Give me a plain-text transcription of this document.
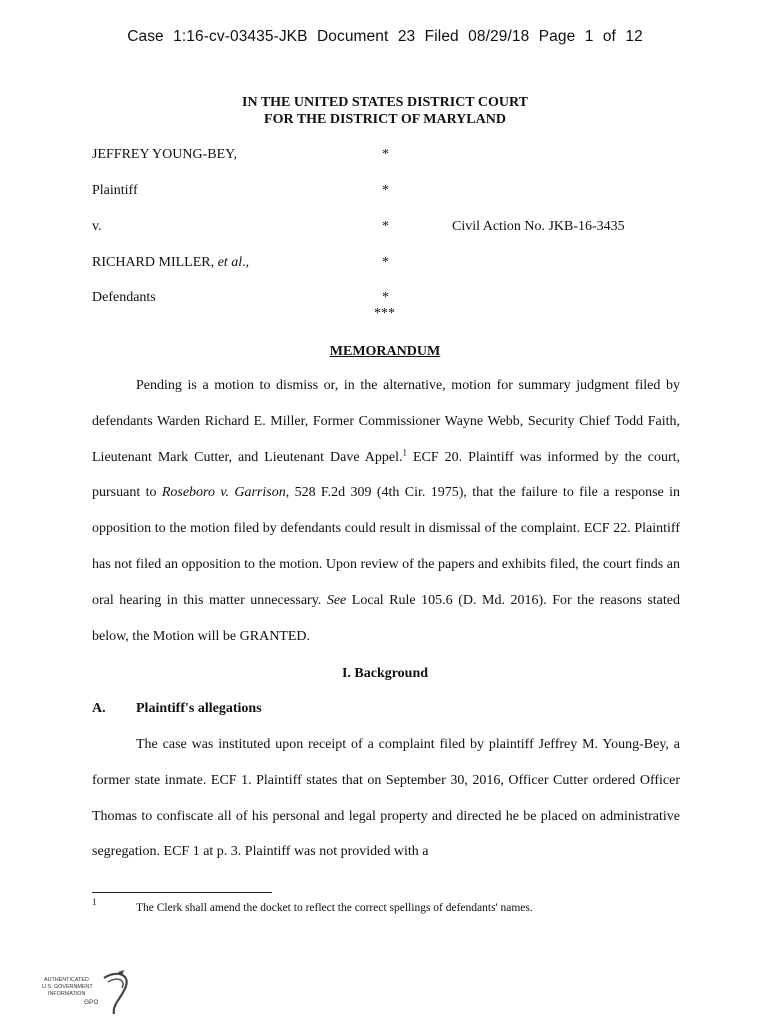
Case 1:16-cv-03435-JKB Document 23 Filed 08/29/18 Page 1 of 12
IN THE UNITED STATES DISTRICT COURT
FOR THE DISTRICT OF MARYLAND
JEFFREY YOUNG-BEY,	*
Plaintiff	*
v.	*	Civil Action No. JKB-16-3435
RICHARD MILLER, et al.,	*
Defendants	*
***
MEMORANDUM

Pending is a motion to dismiss or, in the alternative, motion for summary judgment filed by defendants Warden Richard E. Miller, Former Commissioner Wayne Webb, Security Chief Todd Faith, Lieutenant Mark Cutter, and Lieutenant Dave Appel.$^1$ ECF 20. Plaintiff was informed by the court, pursuant to Roseboro v. Garrison, 528 F.2d 309 (4th Cir. 1975), that the failure to file a response in opposition to the motion filed by defendants could result in dismissal of the complaint. ECF 22. Plaintiff has not filed an opposition to the motion. Upon review of the papers and exhibits filed, the court finds an oral hearing in this matter unnecessary. See Local Rule 105.6 (D. Md. 2016). For the reasons stated below, the Motion will be GRANTED.

I. Background
A. Plaintiff's allegations

The case was instituted upon receipt of a complaint filed by plaintiff Jeffrey M. Young-Bey, a former state inmate. ECF 1. Plaintiff states that on September 30, 2016, Officer Cutter ordered Officer Thomas to confiscate all of his personal and legal property and directed he be placed on administrative segregation. ECF 1 at p. 3. Plaintiff was not provided with a

1	The Clerk shall amend the docket to reflect the correct spellings of defendants' names.
AUTHENTICATED
U.S. GOVERNMENT
INFORMATION
GPO
